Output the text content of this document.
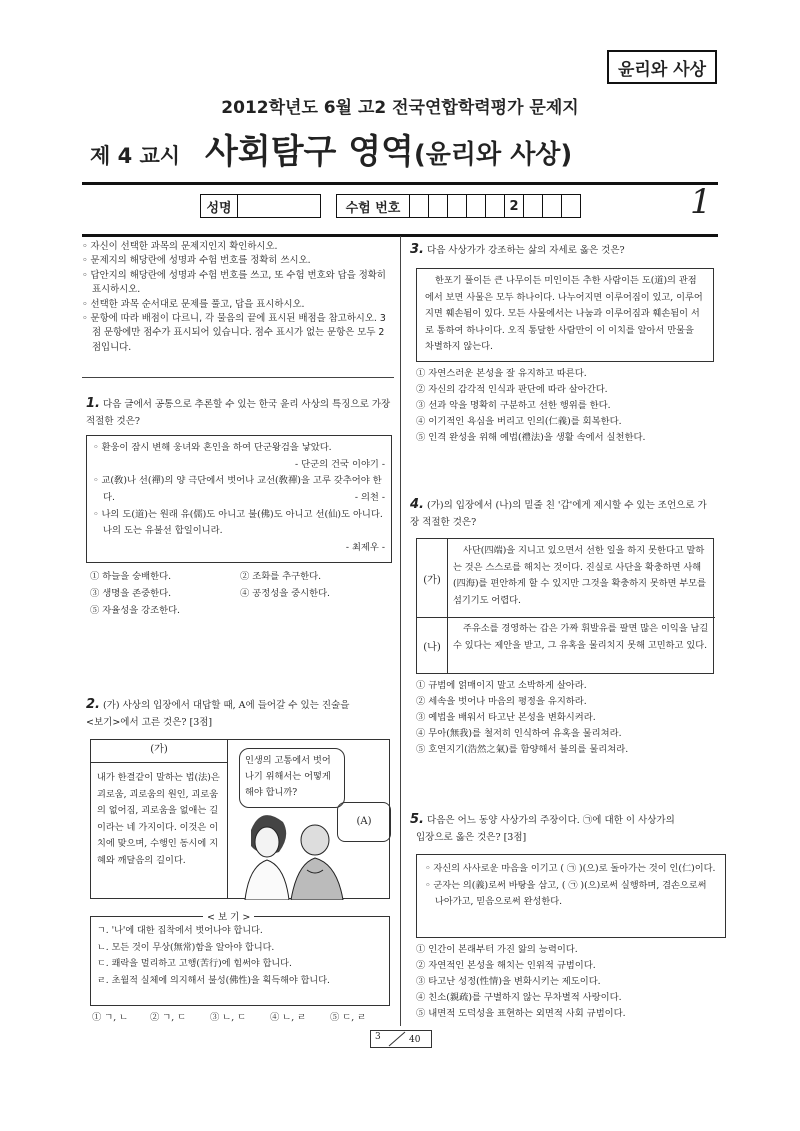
윤리와 사상
2012학년도 6월 고2 전국연합학력평가 문제지
제 4 교시 사회탐구 영역(윤리와 사상)
성명	수험 번호	2	1
◦ 자신이 선택한 과목의 문제지인지 확인하시오.
◦ 문제지의 해당란에 성명과 수험 번호를 정확히 쓰시오.
◦ 답안지의 해당란에 성명과 수험 번호를 쓰고, 또 수험 번호와 답을 정확히 표시하시오.
◦ 선택한 과목 순서대로 문제를 풀고, 답을 표시하시오.
◦ 문항에 따라 배점이 다르니, 각 물음의 끝에 표시된 배점을 참고하시오. 3점 문항에만 점수가 표시되어 있습니다. 점수 표시가 없는 문항은 모두 2점입니다.
1. 다음 글에서 공통으로 추론할 수 있는 한국 윤리 사상의 특징으로 가장 적절한 것은?
◦ 환웅이 잠시 변해 웅녀와 혼인을 하여 단군왕검을 낳았다.
- 단군의 건국 이야기 -
◦ 교(敎)나 선(禪)의 양 극단에서 벗어나 교선(敎禪)을 고루 갖추어야 한다.	- 의천 -
◦ 나의 도(道)는 원래 유(儒)도 아니고 불(佛)도 아니고 선(仙)도 아니다. 나의 도는 유불선 합일이니라.
- 최제우 -
① 하늘을 숭배한다.	② 조화를 추구한다.
③ 생명을 존중한다.	④ 공정성을 중시한다.
⑤ 자율성을 강조한다.
2. (가) 사상의 입장에서 대답할 때, A에 들어갈 수 있는 진술을
<보기>에서 고른 것은? [3점]
(가)
내가 한결같이 말하는 법(法)은 괴로움, 괴로움의 원인, 괴로움의 없어짐, 괴로움을 없애는 길이라는 네 가지이다. 이것은 이치에 맞으며, 수행인 동시에 지혜와 깨달음의 길이다.
인생의 고통에서 벗어나기 위해서는 어떻게 해야 합니까?
(A)
< 보 기 >
ㄱ. '나'에 대한 집착에서 벗어나야 합니다.
ㄴ. 모든 것이 무상(無常)함을 알아야 합니다.
ㄷ. 쾌락을 멀리하고 고행(苦行)에 힘써야 합니다.
ㄹ. 초월적 실체에 의지해서 불성(佛性)을 획득해야 합니다.
① ㄱ, ㄴ ② ㄱ, ㄷ	③ ㄴ, ㄷ	④ ㄴ, ㄹ	⑤ ㄷ, ㄹ
3. 다음 사상가가 강조하는 삶의 자세로 옳은 것은?
한포기 풀이든 큰 나무이든 미인이든 추한 사람이든 도(道)의 관점에서 보면 사물은 모두 하나이다. 나누어지면 이루어짐이 있고, 이루어지면 훼손됨이 있다. 모든 사물에서는 나눔과 이루어짐과 훼손됨이 서로 통하여 하나이다. 오직 통달한 사람만이 이 이치를 알아서 만물을 차별하지 않는다.
① 자연스러운 본성을 잘 유지하고 따른다.
② 자신의 감각적 인식과 판단에 따라 살아간다.
③ 선과 악을 명확히 구분하고 선한 행위를 한다.
④ 이기적인 욕심을 버리고 인의(仁義)를 회복한다.
⑤ 인격 완성을 위해 예법(禮法)을 생활 속에서 실천한다.
4. (가)의 입장에서 (나)의 밑줄 친 '갑'에게 제시할 수 있는 조언으로 가장 적절한 것은?
(가)
사단(四端)을 지니고 있으면서 선한 일을 하지 못한다고 말하는 것은 스스로를 해치는 것이다. 진실로 사단을 확충하면 사해(四海)를 편안하게 할 수 있지만 그것을 확충하지 못하면 부모를 섬기기도 어렵다.
(나)
주유소를 경영하는 갑은 가짜 휘발유를 팔면 많은 이익을 남길 수 있다는 제안을 받고, 그 유혹을 물리치지 못해 고민하고 있다.
① 규범에 얽매이지 말고 소박하게 살아라.
② 세속을 벗어나 마음의 평정을 유지하라.
③ 예법을 배워서 타고난 본성을 변화시켜라.
④ 무아(無我)를 철저히 인식하여 유혹을 물리쳐라.
⑤ 호연지기(浩然之氣)를 함양해서 불의를 물리쳐라.
5. 다음은 어느 동양 사상가의 주장이다. ㉠에 대한 이 사상가의
입장으로 옳은 것은? [3점]
◦ 자신의 사사로운 마음을 이기고 ( ㉠ )(으)로 돌아가는 것이 인(仁)이다.
◦ 군자는 의(義)로써 바탕을 삼고, ( ㉠ )(으)로써 실행하며, 겸손으로써 나아가고, 믿음으로써 완성한다.
① 인간이 본래부터 가진 앎의 능력이다.
② 자연적인 본성을 해치는 인위적 규범이다.
③ 타고난 성정(性情)을 변화시키는 제도이다.
④ 친소(親疏)를 구별하지 않는 무차별적 사랑이다.
⑤ 내면적 도덕성을 표현하는 외면적 사회 규범이다.
3	40
